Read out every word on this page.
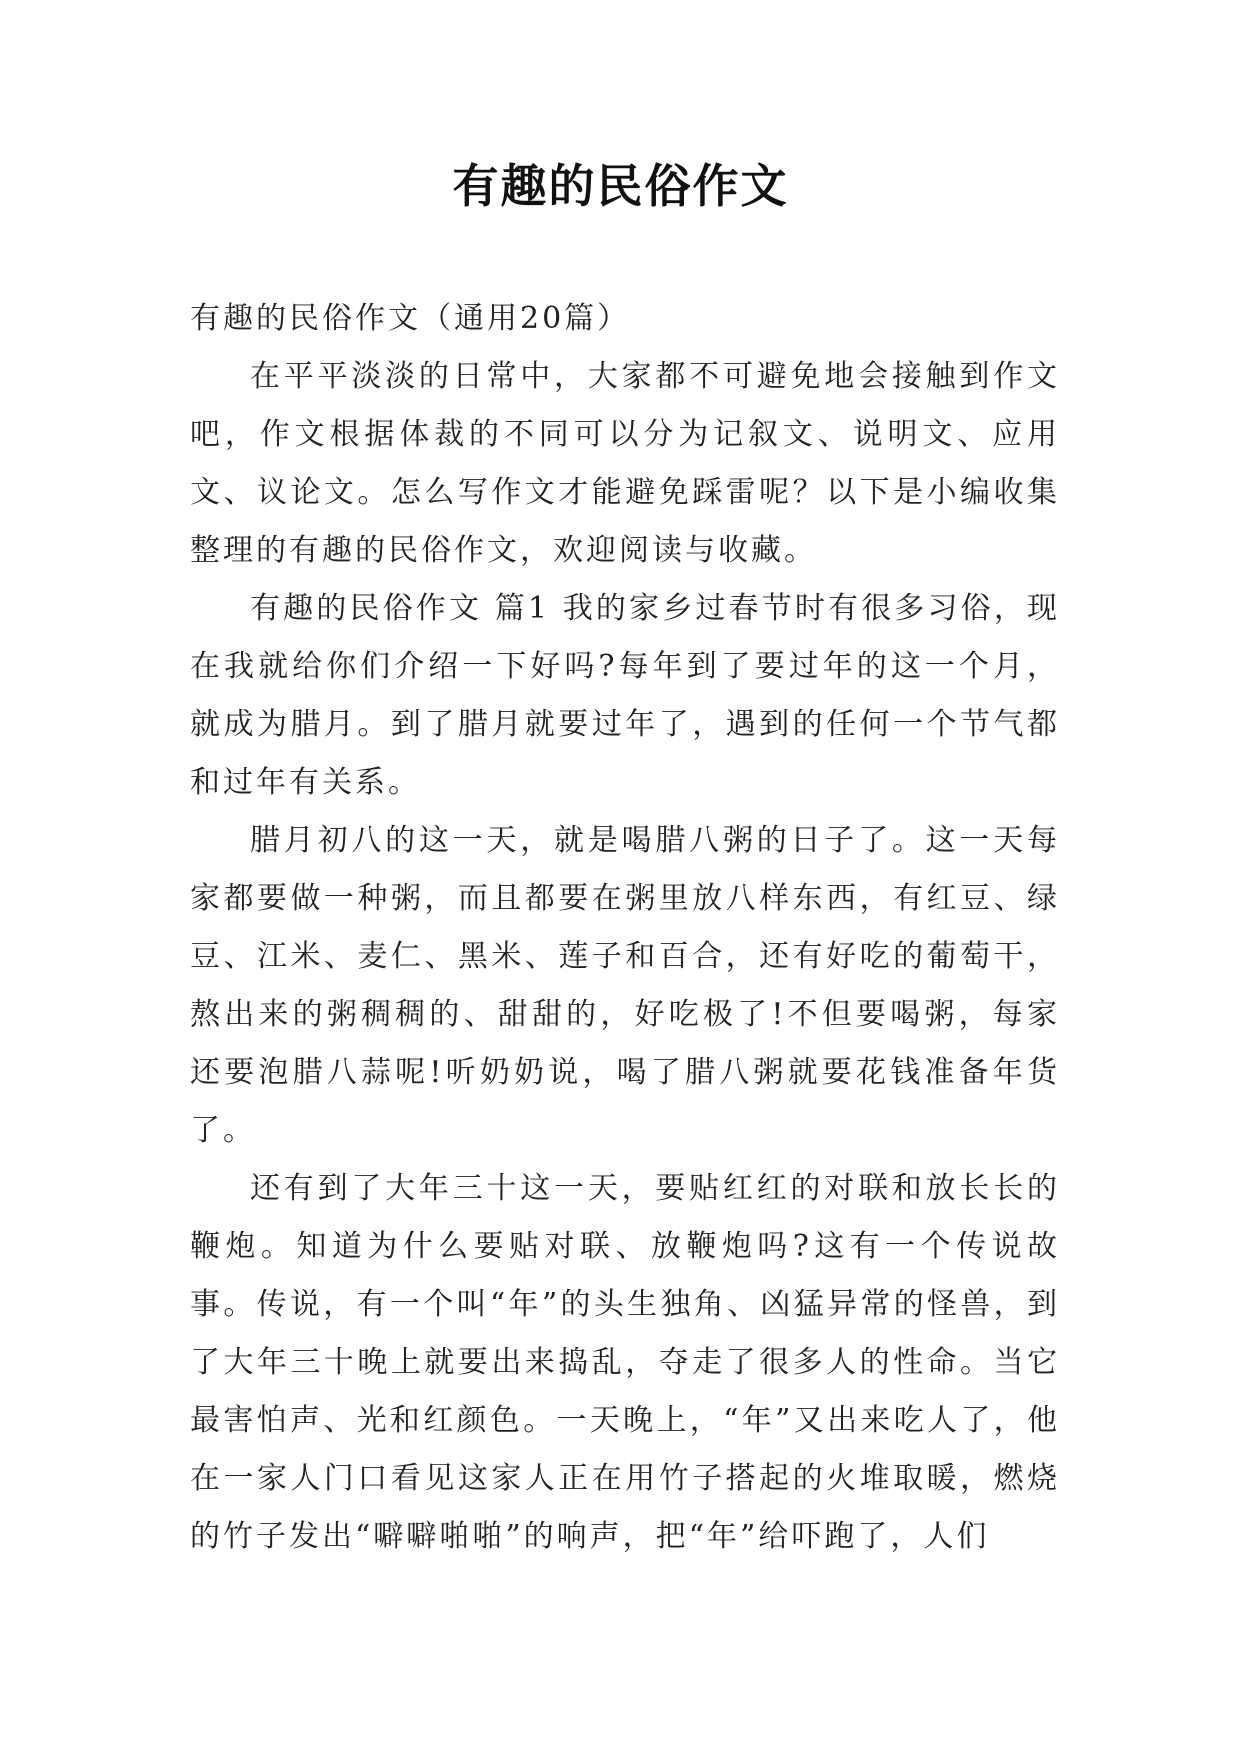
有趣的民俗作文

有趣的民俗作文（通用20篇）

在平平淡淡的日常中，大家都不可避免地会接触到作文吧，作文根据体裁的不同可以分为记叙文、说明文、应用文、议论文。怎么写作文才能避免踩雷呢？以下是小编收集整理的有趣的民俗作文，欢迎阅读与收藏。

有趣的民俗作文 篇1 我的家乡过春节时有很多习俗，现在我就给你们介绍一下好吗?每年到了要过年的这一个月，就成为腊月。到了腊月就要过年了，遇到的任何一个节气都和过年有关系。

腊月初八的这一天，就是喝腊八粥的日子了。这一天每家都要做一种粥，而且都要在粥里放八样东西，有红豆、绿豆、江米、麦仁、黑米、莲子和百合，还有好吃的葡萄干，熬出来的粥稠稠的、甜甜的，好吃极了!不但要喝粥，每家还要泡腊八蒜呢!听奶奶说，喝了腊八粥就要花钱准备年货了。

还有到了大年三十这一天，要贴红红的对联和放长长的鞭炮。知道为什么要贴对联、放鞭炮吗?这有一个传说故事。传说，有一个叫“年”的头生独角、凶猛异常的怪兽，到了大年三十晚上就要出来捣乱，夺走了很多人的性命。当它最害怕声、光和红颜色。一天晚上，“年”又出来吃人了，他在一家人门口看见这家人正在用竹子搭起的火堆取暖，燃烧的竹子发出“噼噼啪啪”的响声，把“年”给吓跑了，人们
